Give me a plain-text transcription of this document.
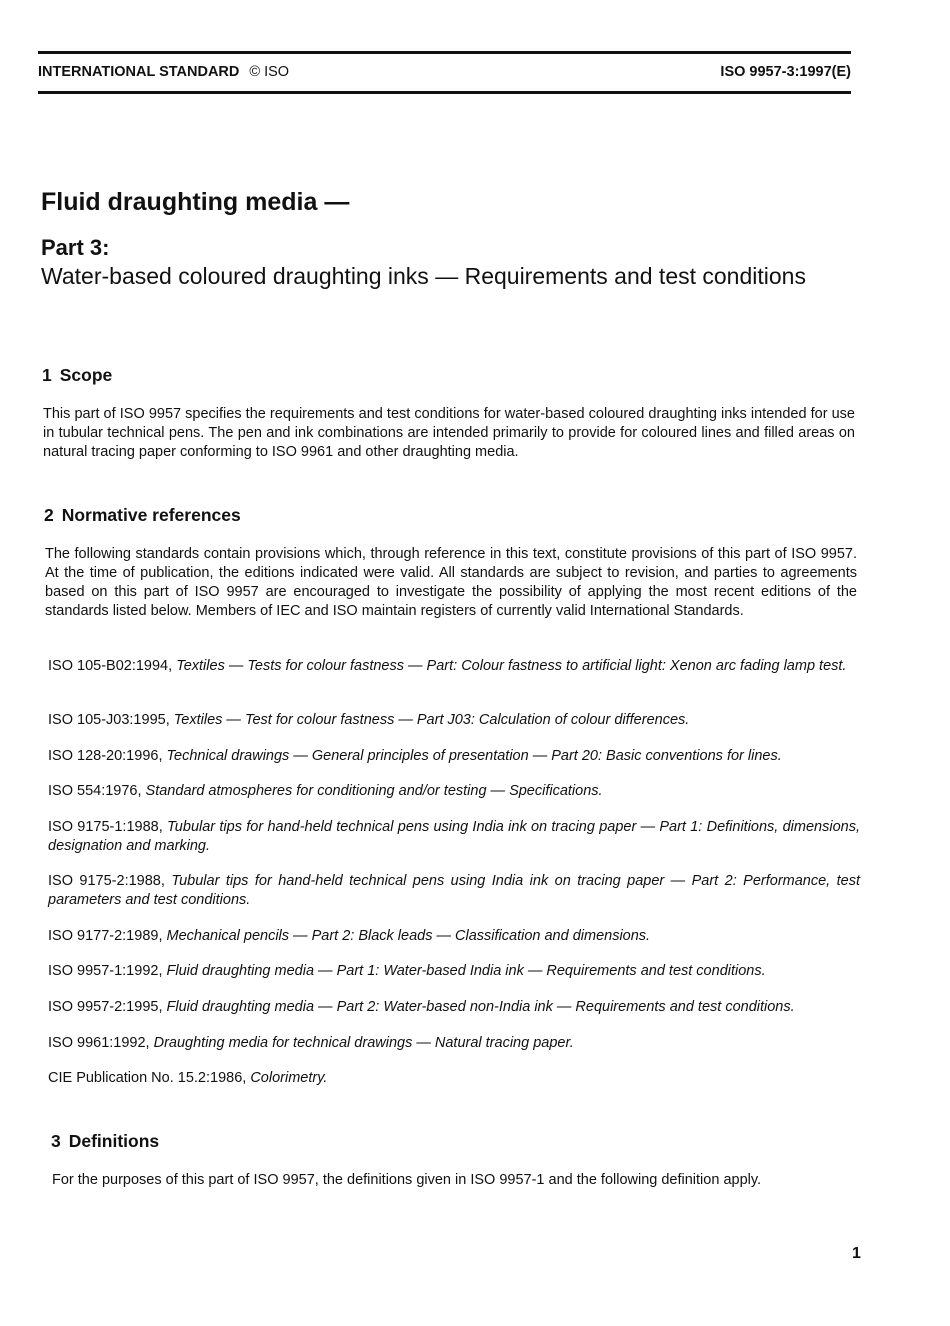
INTERNATIONAL STANDARD © ISO	ISO 9957-3:1997(E)
Fluid draughting media —
Part 3:
Water-based coloured draughting inks — Requirements and test conditions
1 Scope

This part of ISO 9957 specifies the requirements and test conditions for water-based coloured draughting inks intended for use in tubular technical pens. The pen and ink combinations are intended primarily to provide for coloured lines and filled areas on natural tracing paper conforming to ISO 9961 and other draughting media.

2 Normative references

The following standards contain provisions which, through reference in this text, constitute provisions of this part of ISO 9957. At the time of publication, the editions indicated were valid. All standards are subject to revision, and parties to agreements based on this part of ISO 9957 are encouraged to investigate the possibility of applying the most recent editions of the standards listed below. Members of IEC and ISO maintain registers of currently valid International Standards.

ISO 105-B02:1994, Textiles — Tests for colour fastness — Part: Colour fastness to artificial light: Xenon arc fading lamp test.

ISO 105-J03:1995, Textiles — Test for colour fastness — Part J03: Calculation of colour differences.

ISO 128-20:1996, Technical drawings — General principles of presentation — Part 20: Basic conventions for lines.

ISO 554:1976, Standard atmospheres for conditioning and/or testing — Specifications.

ISO 9175-1:1988, Tubular tips for hand-held technical pens using India ink on tracing paper — Part 1: Definitions, dimensions, designation and marking.

ISO 9175-2:1988, Tubular tips for hand-held technical pens using India ink on tracing paper — Part 2: Performance, test parameters and test conditions.

ISO 9177-2:1989, Mechanical pencils — Part 2: Black leads — Classification and dimensions.

ISO 9957-1:1992, Fluid draughting media — Part 1: Water-based India ink — Requirements and test conditions.

ISO 9957-2:1995, Fluid draughting media — Part 2: Water-based non-India ink — Requirements and test conditions.

ISO 9961:1992, Draughting media for technical drawings — Natural tracing paper.

CIE Publication No. 15.2:1986, Colorimetry.

3 Definitions

For the purposes of this part of ISO 9957, the definitions given in ISO 9957-1 and the following definition apply.

1
